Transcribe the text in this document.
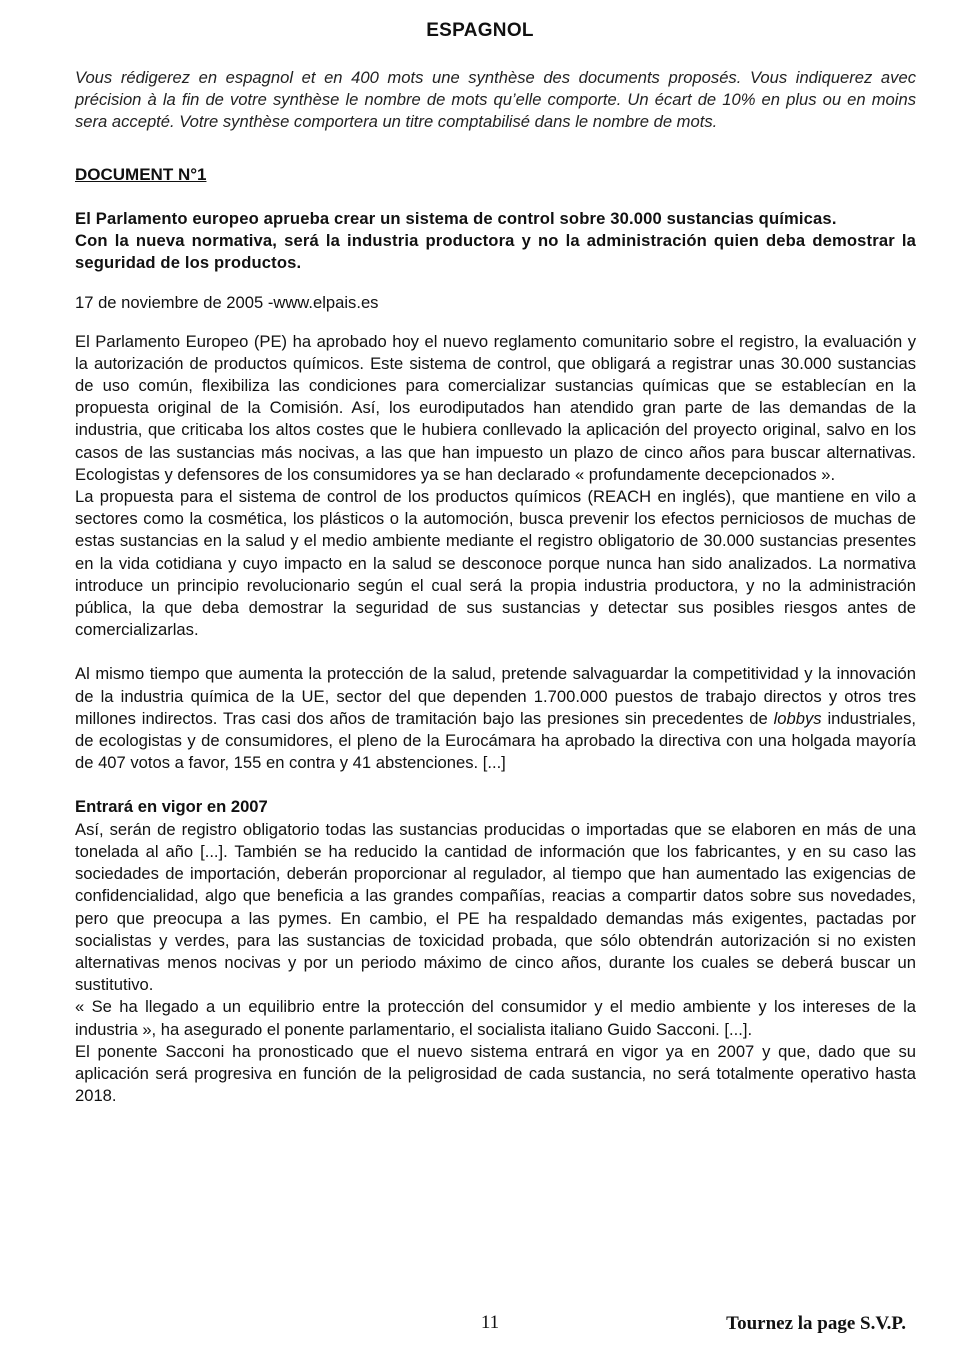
ESPAGNOL

Vous rédigerez en espagnol et en 400 mots une synthèse des documents proposés. Vous indiquerez avec précision à la fin de votre synthèse le nombre de mots qu’elle comporte. Un écart de 10% en plus ou en moins sera accepté. Votre synthèse comportera un titre comptabilisé dans le nombre de mots.

DOCUMENT N°1

El Parlamento europeo aprueba crear un sistema de control sobre 30.000 sustancias químicas.

Con la nueva normativa, será la industria productora y no la administración quien deba demostrar la seguridad de los productos.

17 de noviembre de 2005 -www.elpais.es

El Parlamento Europeo (PE) ha aprobado hoy el nuevo reglamento comunitario sobre el registro, la evaluación y la autorización de productos químicos. Este sistema de control, que obligará a registrar unas 30.000 sustancias de uso común, flexibiliza las condiciones para comercializar sustancias químicas que se establecían en la propuesta original de la Comisión. Así, los eurodiputados han atendido gran parte de las demandas de la industria, que criticaba los altos costes que le hubiera conllevado la aplicación del proyecto original, salvo en los casos de las sustancias más nocivas, a las que han impuesto un plazo de cinco años para buscar alternativas. Ecologistas y defensores de los consumidores ya se han declarado « profundamente decepcionados ».

La propuesta para el sistema de control de los productos químicos (REACH en inglés), que mantiene en vilo a sectores como la cosmética, los plásticos o la automoción, busca prevenir los efectos perniciosos de muchas de estas sustancias en la salud y el medio ambiente mediante el registro obligatorio de 30.000 sustancias presentes en la vida cotidiana y cuyo impacto en la salud se desconoce porque nunca han sido analizados. La normativa introduce un principio revolucionario según el cual será la propia industria productora, y no la administración pública, la que deba demostrar la seguridad de sus sustancias y detectar sus posibles riesgos antes de comercializarlas.

Al mismo tiempo que aumenta la protección de la salud, pretende salvaguardar la competitividad y la innovación de la industria química de la UE, sector del que dependen 1.700.000 puestos de trabajo directos y otros tres millones indirectos. Tras casi dos años de tramitación bajo las presiones sin precedentes de lobbys industriales, de ecologistas y de consumidores, el pleno de la Eurocámara ha aprobado la directiva con una holgada mayoría de 407 votos a favor, 155 en contra y 41 abstenciones. [...]

Entrará en vigor en 2007

Así, serán de registro obligatorio todas las sustancias producidas o importadas que se elaboren en más de una tonelada al año [...]. También se ha reducido la cantidad de información que los fabricantes, y en su caso las sociedades de importación, deberán proporcionar al regulador, al tiempo que han aumentado las exigencias de confidencialidad, algo que beneficia a las grandes compañías, reacias a compartir datos sobre sus novedades, pero que preocupa a las pymes. En cambio, el PE ha respaldado demandas más exigentes, pactadas por socialistas y verdes, para las sustancias de toxicidad probada, que sólo obtendrán autorización si no existen alternativas menos nocivas y por un periodo máximo de cinco años, durante los cuales se deberá buscar un sustitutivo.

« Se ha llegado a un equilibrio entre la protección del consumidor y el medio ambiente y los intereses de la industria », ha asegurado el ponente parlamentario, el socialista italiano Guido Sacconi. [...].

El ponente Sacconi ha pronosticado que el nuevo sistema entrará en vigor ya en 2007 y que, dado que su aplicación será progresiva en función de la peligrosidad de cada sustancia, no será totalmente operativo hasta 2018.

11	Tournez la page S.V.P.
